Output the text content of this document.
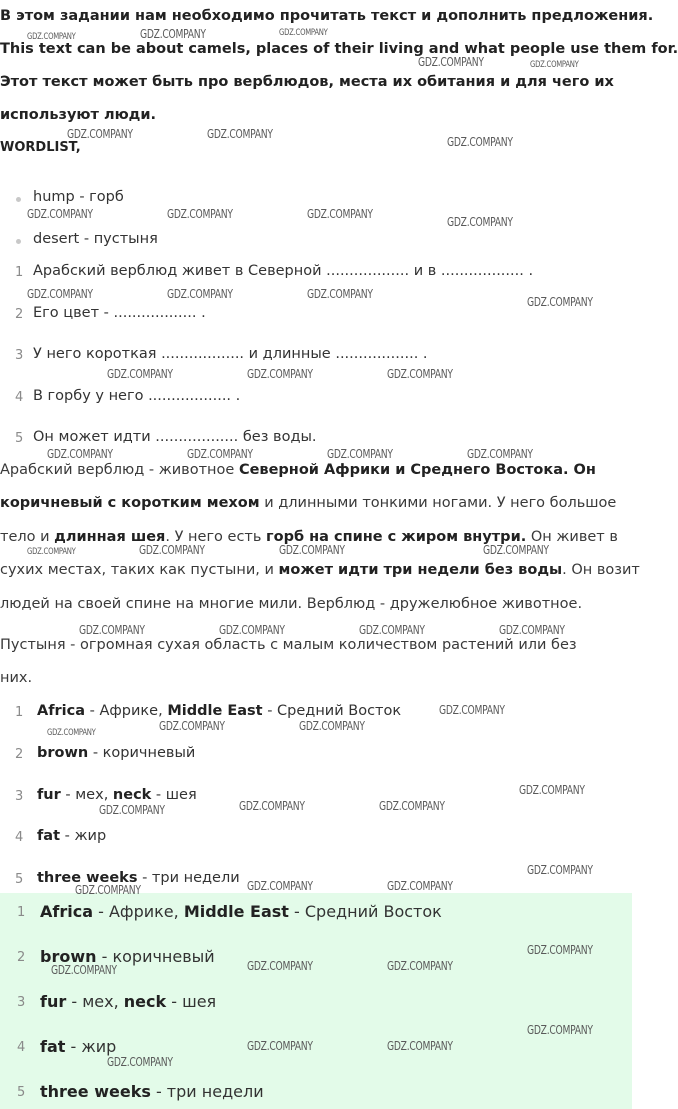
В этом задании нам необходимо прочитать текст и дополнить предложения.
This text can be about camels, places of their living and what people use them for.
Этот текст может быть про верблюдов, места их обитания и для чего их
используют люди.
WORDLIST,
hump - горб
desert - пустыня
1 Арабский верблюд живет в Северной .................. и в .................. .
2 Его цвет - .................. .
3 У него короткая .................. и длинные .................. .
4 В горбу у него .................. .
5 Он может идти .................. без воды.
Арабский верблюд - животное Северной Африки и Среднего Востока. Он
коричневый с коротким мехом и длинными тонкими ногами. У него большое
тело и длинная шея. У него есть горб на спине с жиром внутри. Он живет в
сухих местах, таких как пустыни, и может идти три недели без воды. Он возит
людей на своей спине на многие мили. Верблюд - дружелюбное животное.
Пустыня - огромная сухая область с малым количеством растений или без
них.
1 Africa - Африке, Middle East - Средний Восток
2 brown - коричневый
3 fur - мех, neck - шея
4 fat - жир
5 three weeks - три недели
1 Africa - Африке, Middle East - Средний Восток
2 brown - коричневый
3 fur - мех, neck - шея
4 fat - жир
5 three weeks - три недели
GDZ.COMPANY	GDZ.COMPANY	GDZ.COMPANY
GDZ.COMPANY	GDZ.COMPANY
GDZ.COMPANY	GDZ.COMPANY
GDZ.COMPANY
GDZ.COMPANY	GDZ.COMPANY	GDZ.COMPANY
GDZ.COMPANY
GDZ.COMPANY	GDZ.COMPANY	GDZ.COMPANY
GDZ.COMPANY
GDZ.COMPANY	GDZ.COMPANY	GDZ.COMPANY
GDZ.COMPANY	GDZ.COMPANY	GDZ.COMPANY	GDZ.COMPANY
GDZ.COMPANY	GDZ.COMPANY	GDZ.COMPANY	GDZ.COMPANY
GDZ.COMPANY	GDZ.COMPANY	GDZ.COMPANY	GDZ.COMPANY
GDZ.COMPANY
GDZ.COMPANY	GDZ.COMPANY	GDZ.COMPANY
GDZ.COMPANY
GDZ.COMPANY	GDZ.COMPANY	GDZ.COMPANY
GDZ.COMPANY
GDZ.COMPANY	GDZ.COMPANY	GDZ.COMPANY
GDZ.COMPANY
GDZ.COMPANY	GDZ.COMPANY	GDZ.COMPANY
GDZ.COMPANY
GDZ.COMPANY	GDZ.COMPANY
GDZ.COMPANY
